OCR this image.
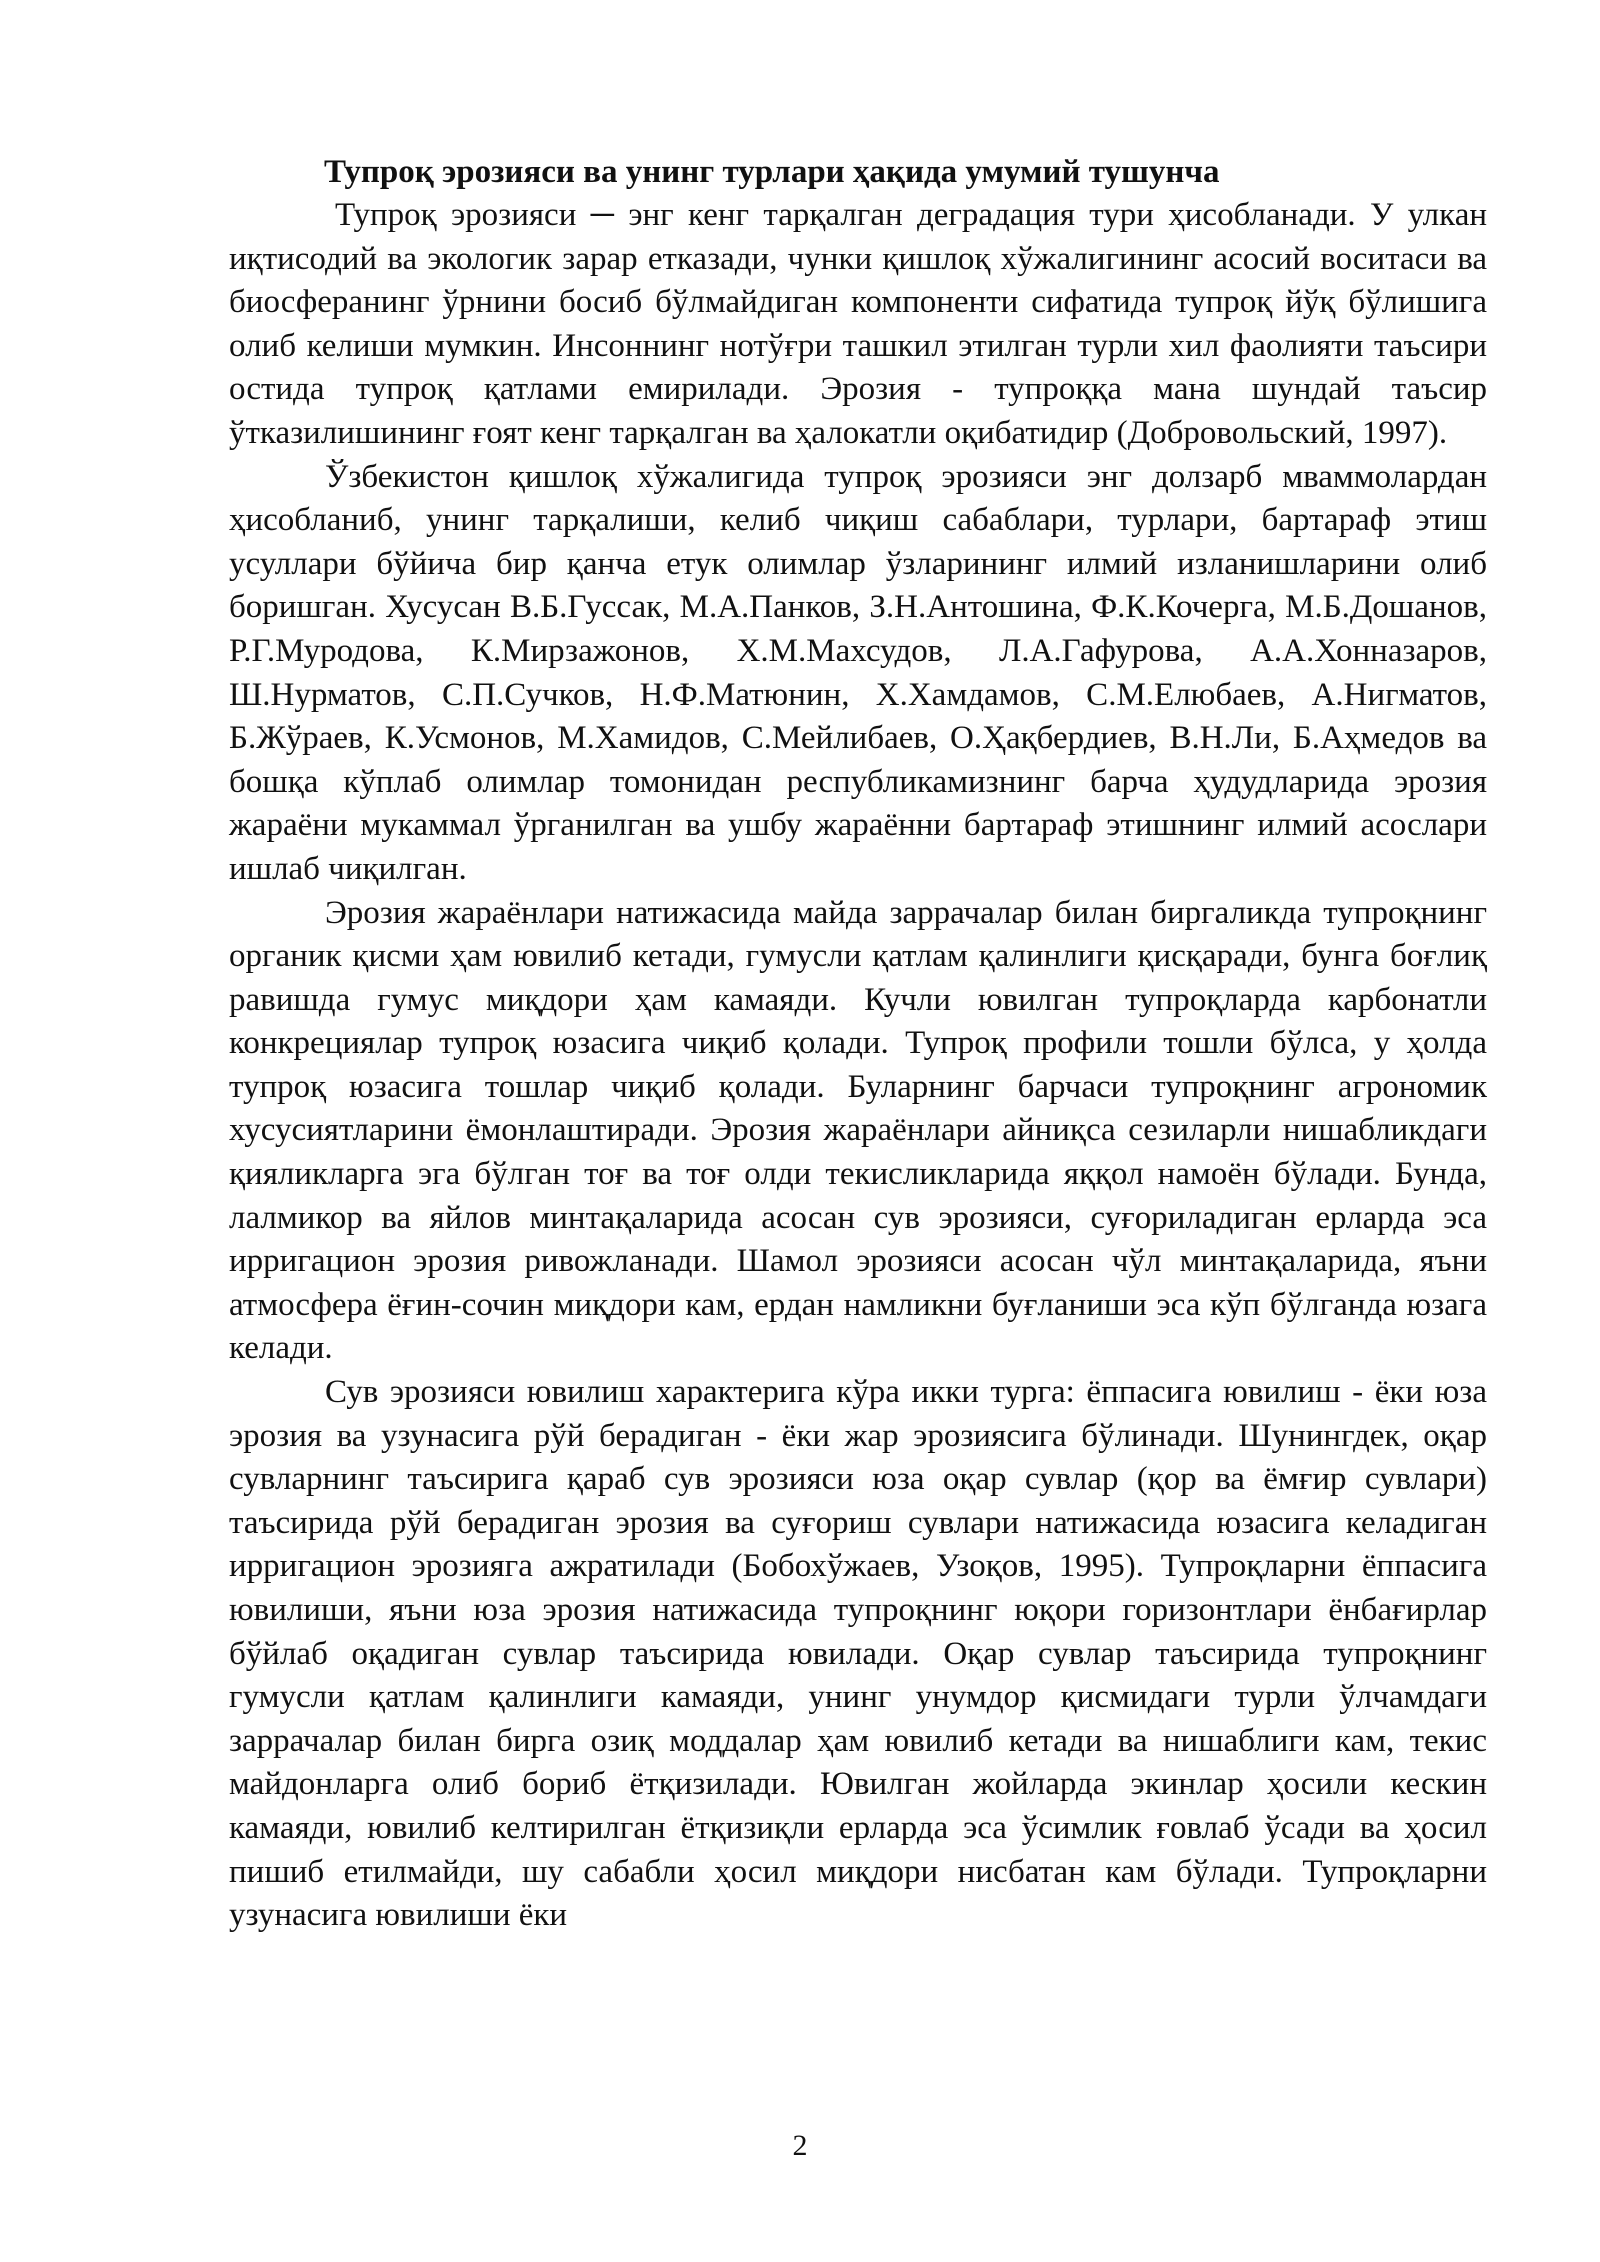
Тупроқ эрозияси ва унинг турлари ҳақида умумий тушунча

Тупроқ эрозияси ─ энг кенг тарқалган деградация тури ҳисобланади. У улкан иқтисодий ва экологик зарар етказади, чунки қишлоқ хўжалигининг асосий воситаси ва биосферанинг ўрнини босиб бўлмайдиган компоненти сифатида тупроқ йўқ бўлишига олиб келиши мумкин. Инсоннинг нотўғри ташкил этилган турли хил фаолияти таъсири остида тупроқ қатлами емирилади. Эрозия - тупроққа мана шундай таъсир ўтказилишининг ғоят кенг тарқалган ва ҳалокатли оқибатидир (Добровольский, 1997).

Ўзбекистон қишлоқ хўжалигида тупроқ эрозияси энг долзарб мваммолардан ҳисобланиб, унинг тарқалиши, келиб чиқиш сабаблари, турлари, бартараф этиш усуллари бўйича бир қанча етук олимлар ўзларининг илмий изланишларини олиб боришган. Хусусан В.Б.Гуссак, М.А.Панков, З.Н.Антошина, Ф.К.Кочерга, М.Б.Дошанов, Р.Г.Муродова, К.Мирзажонов, Х.М.Махсудов, Л.А.Гафурова, А.А.Хонназаров, Ш.Нурматов, С.П.Сучков, Н.Ф.Матюнин, Х.Хамдамов, С.М.Елюбаев, А.Нигматов, Б.Жўраев, К.Усмонов, М.Хамидов, С.Мейлибаев, О.Ҳақбердиев, В.Н.Ли, Б.Аҳмедов ва бошқа кўплаб олимлар томонидан республикамизнинг барча ҳудудларида эрозия жараёни мукаммал ўрганилган ва ушбу жараённи бартараф этишнинг илмий асослари ишлаб чиқилган.

Эрозия жараёнлари натижасида майда заррачалар билан биргаликда тупроқнинг органик қисми ҳам ювилиб кетади, гумусли қатлам қалинлиги қисқаради, бунга боғлиқ равишда гумус миқдори ҳам камаяди. Кучли ювилган тупроқларда карбонатли конкрециялар тупроқ юзасига чиқиб қолади. Тупроқ профили тошли бўлса, у ҳолда тупроқ юзасига тошлар чиқиб қолади. Буларнинг барчаси тупроқнинг агрономик хусусиятларини ёмонлаштиради. Эрозия жараёнлари айниқса сезиларли нишабликдаги қияликларга эга бўлган тоғ ва тоғ олди текисликларида яққол намоён бўлади. Бунда, лалмикор ва яйлов минтақаларида асосан сув эрозияси, суғориладиган ерларда эса ирригацион эрозия ривожланади. Шамол эрозияси асосан чўл минтақаларида, яъни атмосфера ёғин-сочин миқдори кам, ердан намликни буғланиши эса кўп бўлганда юзага келади.

Сув эрозияси ювилиш характерига кўра икки турга: ёппасига ювилиш - ёки юза эрозия ва узунасига рўй берадиган - ёки жар эрозиясига бўлинади. Шунингдек, оқар сувларнинг таъсирига қараб сув эрозияси юза оқар сувлар (қор ва ёмғир сувлари) таъсирида рўй берадиган эрозия ва суғориш сувлари натижасида юзасига келадиган ирригацион эрозияга ажратилади (Бобохўжаев, Узоқов, 1995). Тупроқларни ёппасига ювилиши, яъни юза эрозия натижасида тупроқнинг юқори горизонтлари ёнбағирлар бўйлаб оқадиган сувлар таъсирида ювилади. Оқар сувлар таъсирида тупроқнинг гумусли қатлам қалинлиги камаяди, унинг унумдор қисмидаги турли ўлчамдаги заррачалар билан бирга озиқ моддалар ҳам ювилиб кетади ва нишаблиги кам, текис майдонларга олиб бориб ётқизилади. Ювилган жойларда экинлар ҳосили кескин камаяди, ювилиб келтирилган ётқизиқли ерларда эса ўсимлик ғовлаб ўсади ва ҳосил пишиб етилмайди, шу сабабли ҳосил миқдори нисбатан кам бўлади. Тупроқларни узунасига ювилиши ёки

2
